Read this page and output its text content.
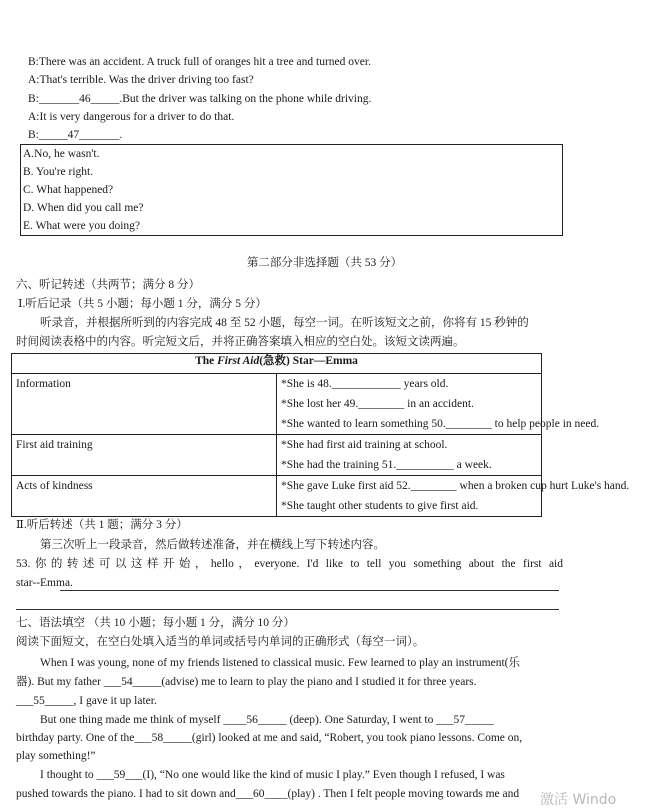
B:There was an accident. A truck full of oranges hit a tree and turned over.
A:That's terrible. Was the driver driving too fast?
B:_______46_____.But the driver was talking on the phone while driving.
A:It is very dangerous for a driver to do that.
B:_____47_______.
A.No, he wasn't.
B. You're right.
C. What happened?
D. When did you call me?
E. What were you doing?
第二部分非选择题（共 53 分）
六、听记转述（共两节；满分 8 分）
Ⅰ.听后记录（共 5 小题；每小题 1 分，满分 5 分）
听录音，并根据所听到的内容完成 48 至 52 小题，每空一词。在听该短文之前，你将有 15 秒钟的
时间阅读表格中的内容。听完短文后，并将正确答案填入相应的空白处。该短文读两遍。
The First Aid(急救) Star—Emma	
Information	*She is 48.____________ years old.
*She lost her 49.________ in an accident.
*She wanted to learn something 50.________ to help people in need.

First aid training	*She had first aid training at school.
*She had the training 51.__________ a week.

Acts of kindness	*She gave Luke first aid 52.________ when a broken cup hurt Luke's hand.
*She taught other students to give first aid.
Ⅱ.听后转述（共 1 题；满分 3 分）
第三次听上一段录音，然后做转述准备，并在横线上写下转述内容。
53.你的转述可以这样开始，hello，everyone. I'd like to tell you something about the first aid
star--Emma.
七、语法填空 （共 10 小题；每小题 1 分，满分 10 分）
阅读下面短文，在空白处填入适当的单词或括号内单词的正确形式（每空一词）。
When I was young, none of my friends listened to classical music. Few learned to play an instrument(乐
器). But my father ___54_____(advise) me to learn to play the piano and I studied it for three years.
___55_____, I gave it up later.
But one thing made me think of myself ____56_____ (deep). One Saturday, I went to ___57_____
birthday party. One of the___58_____(girl) looked at me and said, “Robert, you took piano lessons. Come on,
play something!”
I thought to ___59___(I), “No one would like the kind of music I play.” Even though I refused, I was
pushed towards the piano. I had to sit down and___60____(play) . Then I felt people moving towards me and 激活 Windo
